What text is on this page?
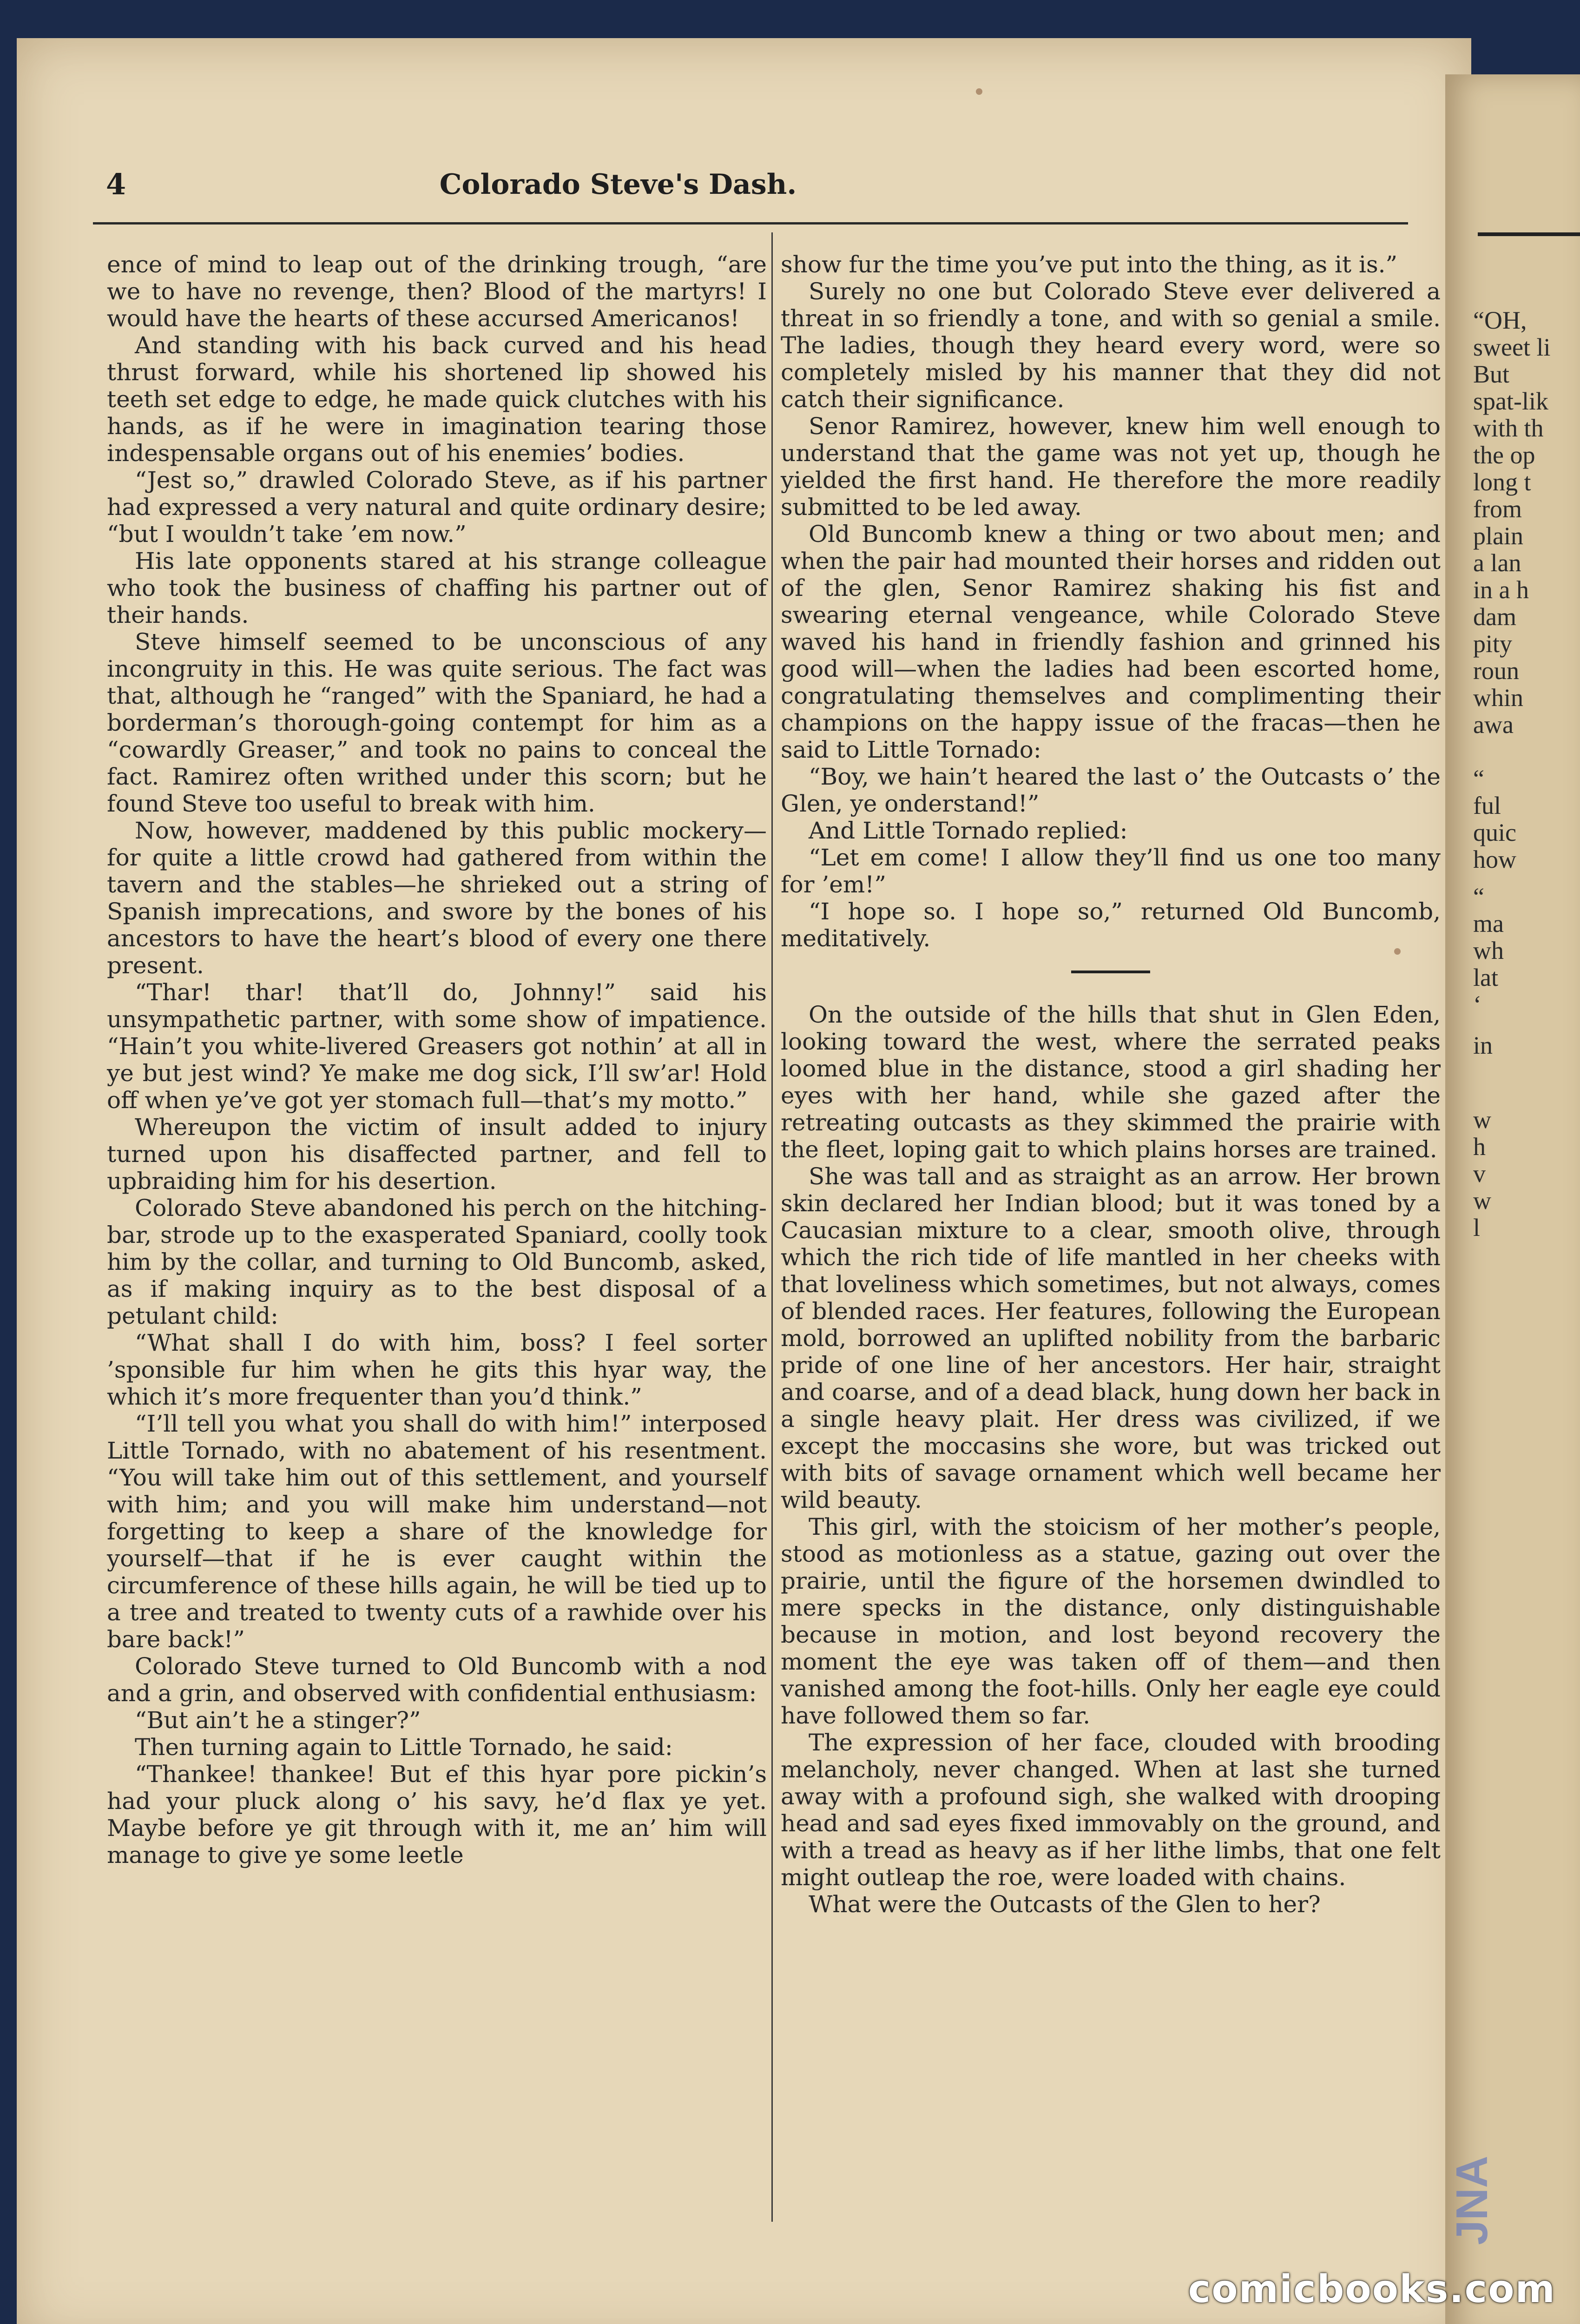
“OH,
sweet li
But
spat-lik
with th
the op
long t
from
plain
a lan
in a h
dam
pity
roun
whin
awa
“
ful
quic
how
“
ma
wh
lat
‘
in
w
h
v
w
l
JNA
4	Colorado Steve's Dash.

ence of mind to leap out of the drinking trough, “are we to have no revenge, then? Blood of the martyrs! I would have the hearts of these accursed Americanos!

And standing with his back curved and his head thrust forward, while his shortened lip showed his teeth set edge to edge, he made quick clutches with his hands, as if he were in imagination tearing those indespensable organs out of his enemies’ bodies.

“Jest so,” drawled Colorado Steve, as if his partner had expressed a very natural and quite ordinary desire; “but I wouldn’t take ’em now.”

His late opponents stared at his strange colleague who took the business of chaffing his partner out of their hands.

Steve himself seemed to be unconscious of any incongruity in this. He was quite serious. The fact was that, although he “ranged” with the Spaniard, he had a borderman’s thorough-going contempt for him as a “cowardly Greaser,” and took no pains to conceal the fact. Ramirez often writhed under this scorn; but he found Steve too useful to break with him.

Now, however, maddened by this public mockery—for quite a little crowd had gathered from within the tavern and the stables—he shrieked out a string of Spanish imprecations, and swore by the bones of his ancestors to have the heart’s blood of every one there present.

“Thar! thar! that’ll do, Johnny!” said his unsympathetic partner, with some show of impatience. “Hain’t you white-livered Greasers got nothin’ at all in ye but jest wind? Ye make me dog sick, I’ll sw’ar! Hold off when ye’ve got yer stomach full—that’s my motto.”

Whereupon the victim of insult added to injury turned upon his disaffected partner, and fell to upbraiding him for his desertion.

Colorado Steve abandoned his perch on the hitching-bar, strode up to the exasperated Spaniard, coolly took him by the collar, and turning to Old Buncomb, asked, as if making inquiry as to the best disposal of a petulant child:

“What shall I do with him, boss? I feel sorter ’sponsible fur him when he gits this hyar way, the which it’s more frequenter than you’d think.”

“I’ll tell you what you shall do with him!” interposed Little Tornado, with no abatement of his resentment. “You will take him out of this settlement, and yourself with him; and you will make him understand—not forgetting to keep a share of the knowledge for yourself—that if he is ever caught within the circumference of these hills again, he will be tied up to a tree and treated to twenty cuts of a rawhide over his bare back!”

Colorado Steve turned to Old Buncomb with a nod and a grin, and observed with confidential enthusiasm:

“But ain’t he a stinger?”

Then turning again to Little Tornado, he said:

“Thankee! thankee! But ef this hyar pore pickin’s had your pluck along o’ his savy, he’d flax ye yet. Maybe before ye git through with it, me an’ him will manage to give ye some leetle

show fur the time you’ve put into the thing, as it is.”

Surely no one but Colorado Steve ever delivered a threat in so friendly a tone, and with so genial a smile. The ladies, though they heard every word, were so completely misled by his manner that they did not catch their significance.

Senor Ramirez, however, knew him well enough to understand that the game was not yet up, though he yielded the first hand. He therefore the more readily submitted to be led away.

Old Buncomb knew a thing or two about men; and when the pair had mounted their horses and ridden out of the glen, Senor Ramirez shaking his fist and swearing eternal vengeance, while Colorado Steve waved his hand in friendly fashion and grinned his good will—when the ladies had been escorted home, congratulating themselves and complimenting their champions on the happy issue of the fracas—then he said to Little Tornado:

“Boy, we hain’t heared the last o’ the Outcasts o’ the Glen, ye onderstand!”

And Little Tornado replied:

“Let em come! I allow they’ll find us one too many for ’em!”

“I hope so. I hope so,” returned Old Buncomb, meditatively.

On the outside of the hills that shut in Glen Eden, looking toward the west, where the serrated peaks loomed blue in the distance, stood a girl shading her eyes with her hand, while she gazed after the retreating outcasts as they skimmed the prairie with the fleet, loping gait to which plains horses are trained.

She was tall and as straight as an arrow. Her brown skin declared her Indian blood; but it was toned by a Caucasian mixture to a clear, smooth olive, through which the rich tide of life mantled in her cheeks with that loveliness which sometimes, but not always, comes of blended races. Her features, following the European mold, borrowed an uplifted nobility from the barbaric pride of one line of her ancestors. Her hair, straight and coarse, and of a dead black, hung down her back in a single heavy plait. Her dress was civilized, if we except the moccasins she wore, but was tricked out with bits of savage ornament which well became her wild beauty.

This girl, with the stoicism of her mother’s people, stood as motionless as a statue, gazing out over the prairie, until the figure of the horsemen dwindled to mere specks in the distance, only distinguishable because in motion, and lost beyond recovery the moment the eye was taken off of them—and then vanished among the foot-hills. Only her eagle eye could have followed them so far.

The expression of her face, clouded with brooding melancholy, never changed. When at last she turned away with a profound sigh, she walked with drooping head and sad eyes fixed immovably on the ground, and with a tread as heavy as if her lithe limbs, that one felt might outleap the roe, were loaded with chains.

What were the Outcasts of the Glen to her?

comicbooks.com
